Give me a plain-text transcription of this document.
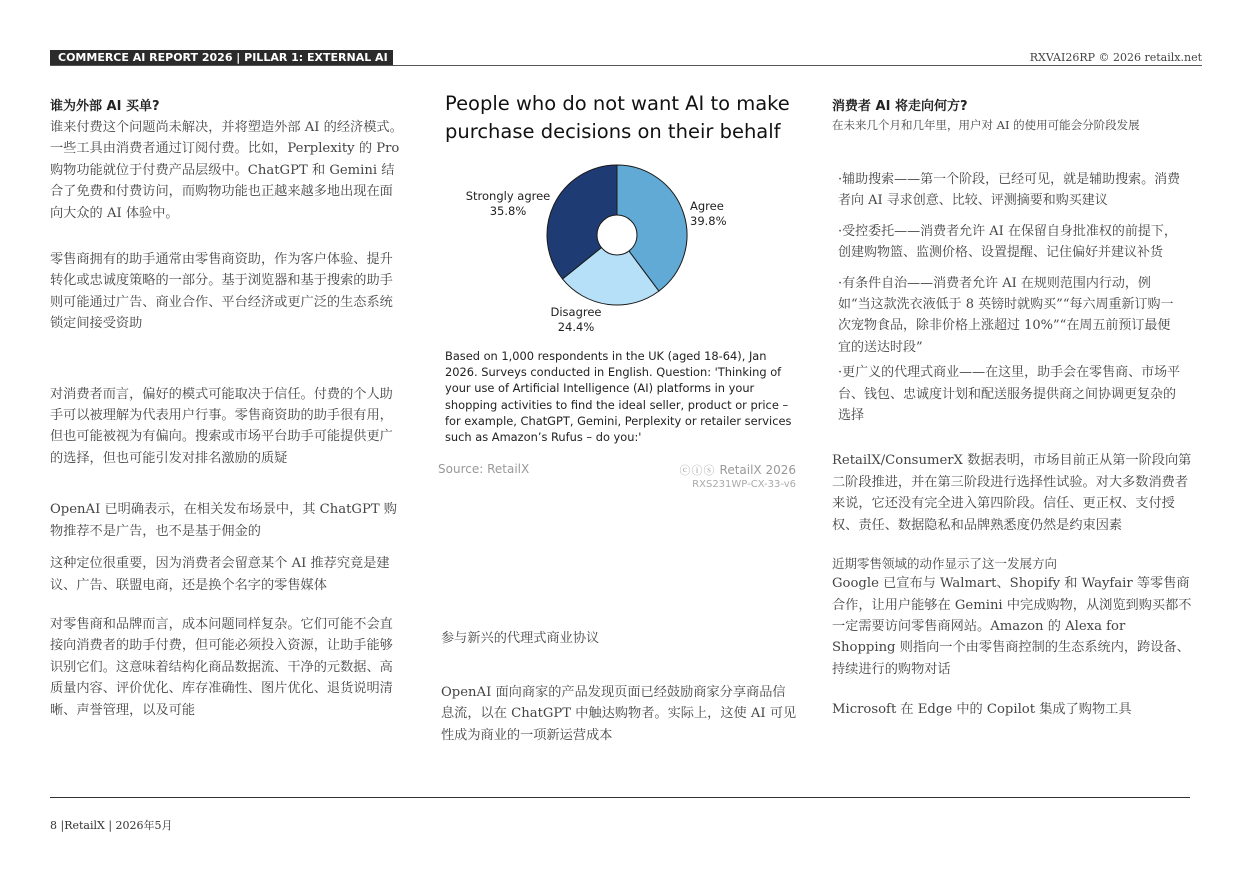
COMMERCE AI REPORT 2026 | PILLAR 1: EXTERNAL AI	RXVAI26RP © 2026 retailx.net
谁为外部 AI 买单?

谁来付费这个问题尚未解决，并将塑造外部 AI 的经济模式。一些工具由消费者通过订阅付费。比如，Perplexity 的 Pro 购物功能就位于付费产品层级中。ChatGPT 和 Gemini 结合了免费和付费访问，而购物功能也正越来越多地出现在面向大众的 AI 体验中。

零售商拥有的助手通常由零售商资助，作为客户体验、提升转化或忠诚度策略的一部分。基于浏览器和基于搜索的助手则可能通过广告、商业合作、平台经济或更广泛的生态系统锁定间接受资助

对消费者而言，偏好的模式可能取决于信任。付费的个人助手可以被理解为代表用户行事。零售商资助的助手很有用，但也可能被视为有偏向。搜索或市场平台助手可能提供更广的选择，但也可能引发对排名激励的质疑

OpenAI 已明确表示，在相关发布场景中，其 ChatGPT 购物推荐不是广告，也不是基于佣金的

这种定位很重要，因为消费者会留意某个 AI 推荐究竟是建议、广告、联盟电商，还是换个名字的零售媒体

对零售商和品牌而言，成本问题同样复杂。它们可能不会直接向消费者的助手付费，但可能必须投入资源，让助手能够识别它们。这意味着结构化商品数据流、干净的元数据、高质量内容、评价优化、库存准确性、图片优化、退货说明清晰、声誉管理，以及可能

People who do not want AI to make purchase decisions on their behalf
Agree
39.8%
Disagree
24.4%
Strongly agree
35.8%
Based on 1,000 respondents in the UK (aged 18-64), Jan 2026. Surveys conducted in English. Question: 'Thinking of your use of Artificial Intelligence (AI) platforms in your shopping activities to find the ideal seller, product or price – for example, ChatGPT, Gemini, Perplexity or retailer services such as Amazon’s Rufus – do you:'
Source: RetailX	ⓒⓘⓢ RetailX 2026
RXS231WP-CX-33-v6
参与新兴的代理式商业协议
OpenAI 面向商家的产品发现页面已经鼓励商家分享商品信息流，以在 ChatGPT 中触达购物者。实际上，这使 AI 可见性成为商业的一项新运营成本
消费者 AI 将走向何方?
在未来几个月和几年里，用户对 AI 的使用可能会分阶段发展

·辅助搜索——第一个阶段，已经可见，就是辅助搜索。消费者向 AI 寻求创意、比较、评测摘要和购买建议

·受控委托——消费者允许 AI 在保留自身批准权的前提下，创建购物篮、监测价格、设置提醒、记住偏好并建议补货

·有条件自治——消费者允许 AI 在规则范围内行动，例如“当这款洗衣液低于 8 英镑时就购买”“每六周重新订购一次宠物食品，除非价格上涨超过 10%”“在周五前预订最便宜的送达时段”

·更广义的代理式商业——在这里，助手会在零售商、市场平台、钱包、忠诚度计划和配送服务提供商之间协调更复杂的选择

RetailX/ConsumerX 数据表明，市场目前正从第一阶段向第二阶段推进，并在第三阶段进行选择性试验。对大多数消费者来说，它还没有完全进入第四阶段。信任、更正权、支付授权、责任、数据隐私和品牌熟悉度仍然是约束因素

近期零售领域的动作显示了这一发展方向

Google 已宣布与 Walmart、Shopify 和 Wayfair 等零售商合作，让用户能够在 Gemini 中完成购物，从浏览到购买都不一定需要访问零售商网站。Amazon 的 Alexa for Shopping 则指向一个由零售商控制的生态系统内，跨设备、持续进行的购物对话

Microsoft 在 Edge 中的 Copilot 集成了购物工具

8 |RetailX | 2026年5月
